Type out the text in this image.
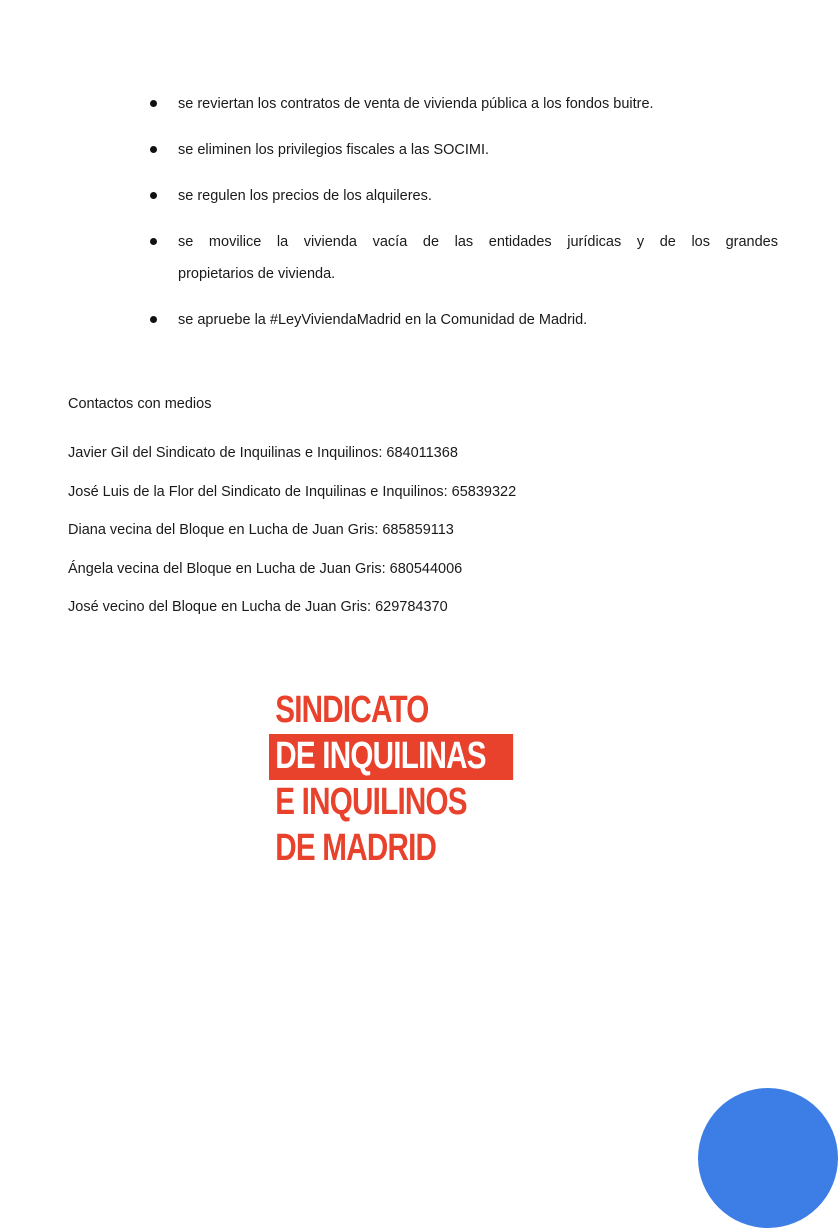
se reviertan los contratos de venta de vivienda pública a los fondos buitre.
se eliminen los privilegios fiscales a las SOCIMI.
se regulen los precios de los alquileres.
se movilice la vivienda vacía de las entidades jurídicas y de los grandes
propietarios de vivienda.
se apruebe la #LeyViviendaMadrid en la Comunidad de Madrid.
Contactos con medios
Javier Gil del Sindicato de Inquilinas e Inquilinos: 684011368
José Luis de la Flor del Sindicato de Inquilinas e Inquilinos: 65839322
Diana vecina del Bloque en Lucha de Juan Gris: 685859113
Ángela vecina del Bloque en Lucha de Juan Gris: 680544006
José vecino del Bloque en Lucha de Juan Gris: 629784370
SINDICATO
DE INQUILINAS
E INQUILINOS
DE MADRID
